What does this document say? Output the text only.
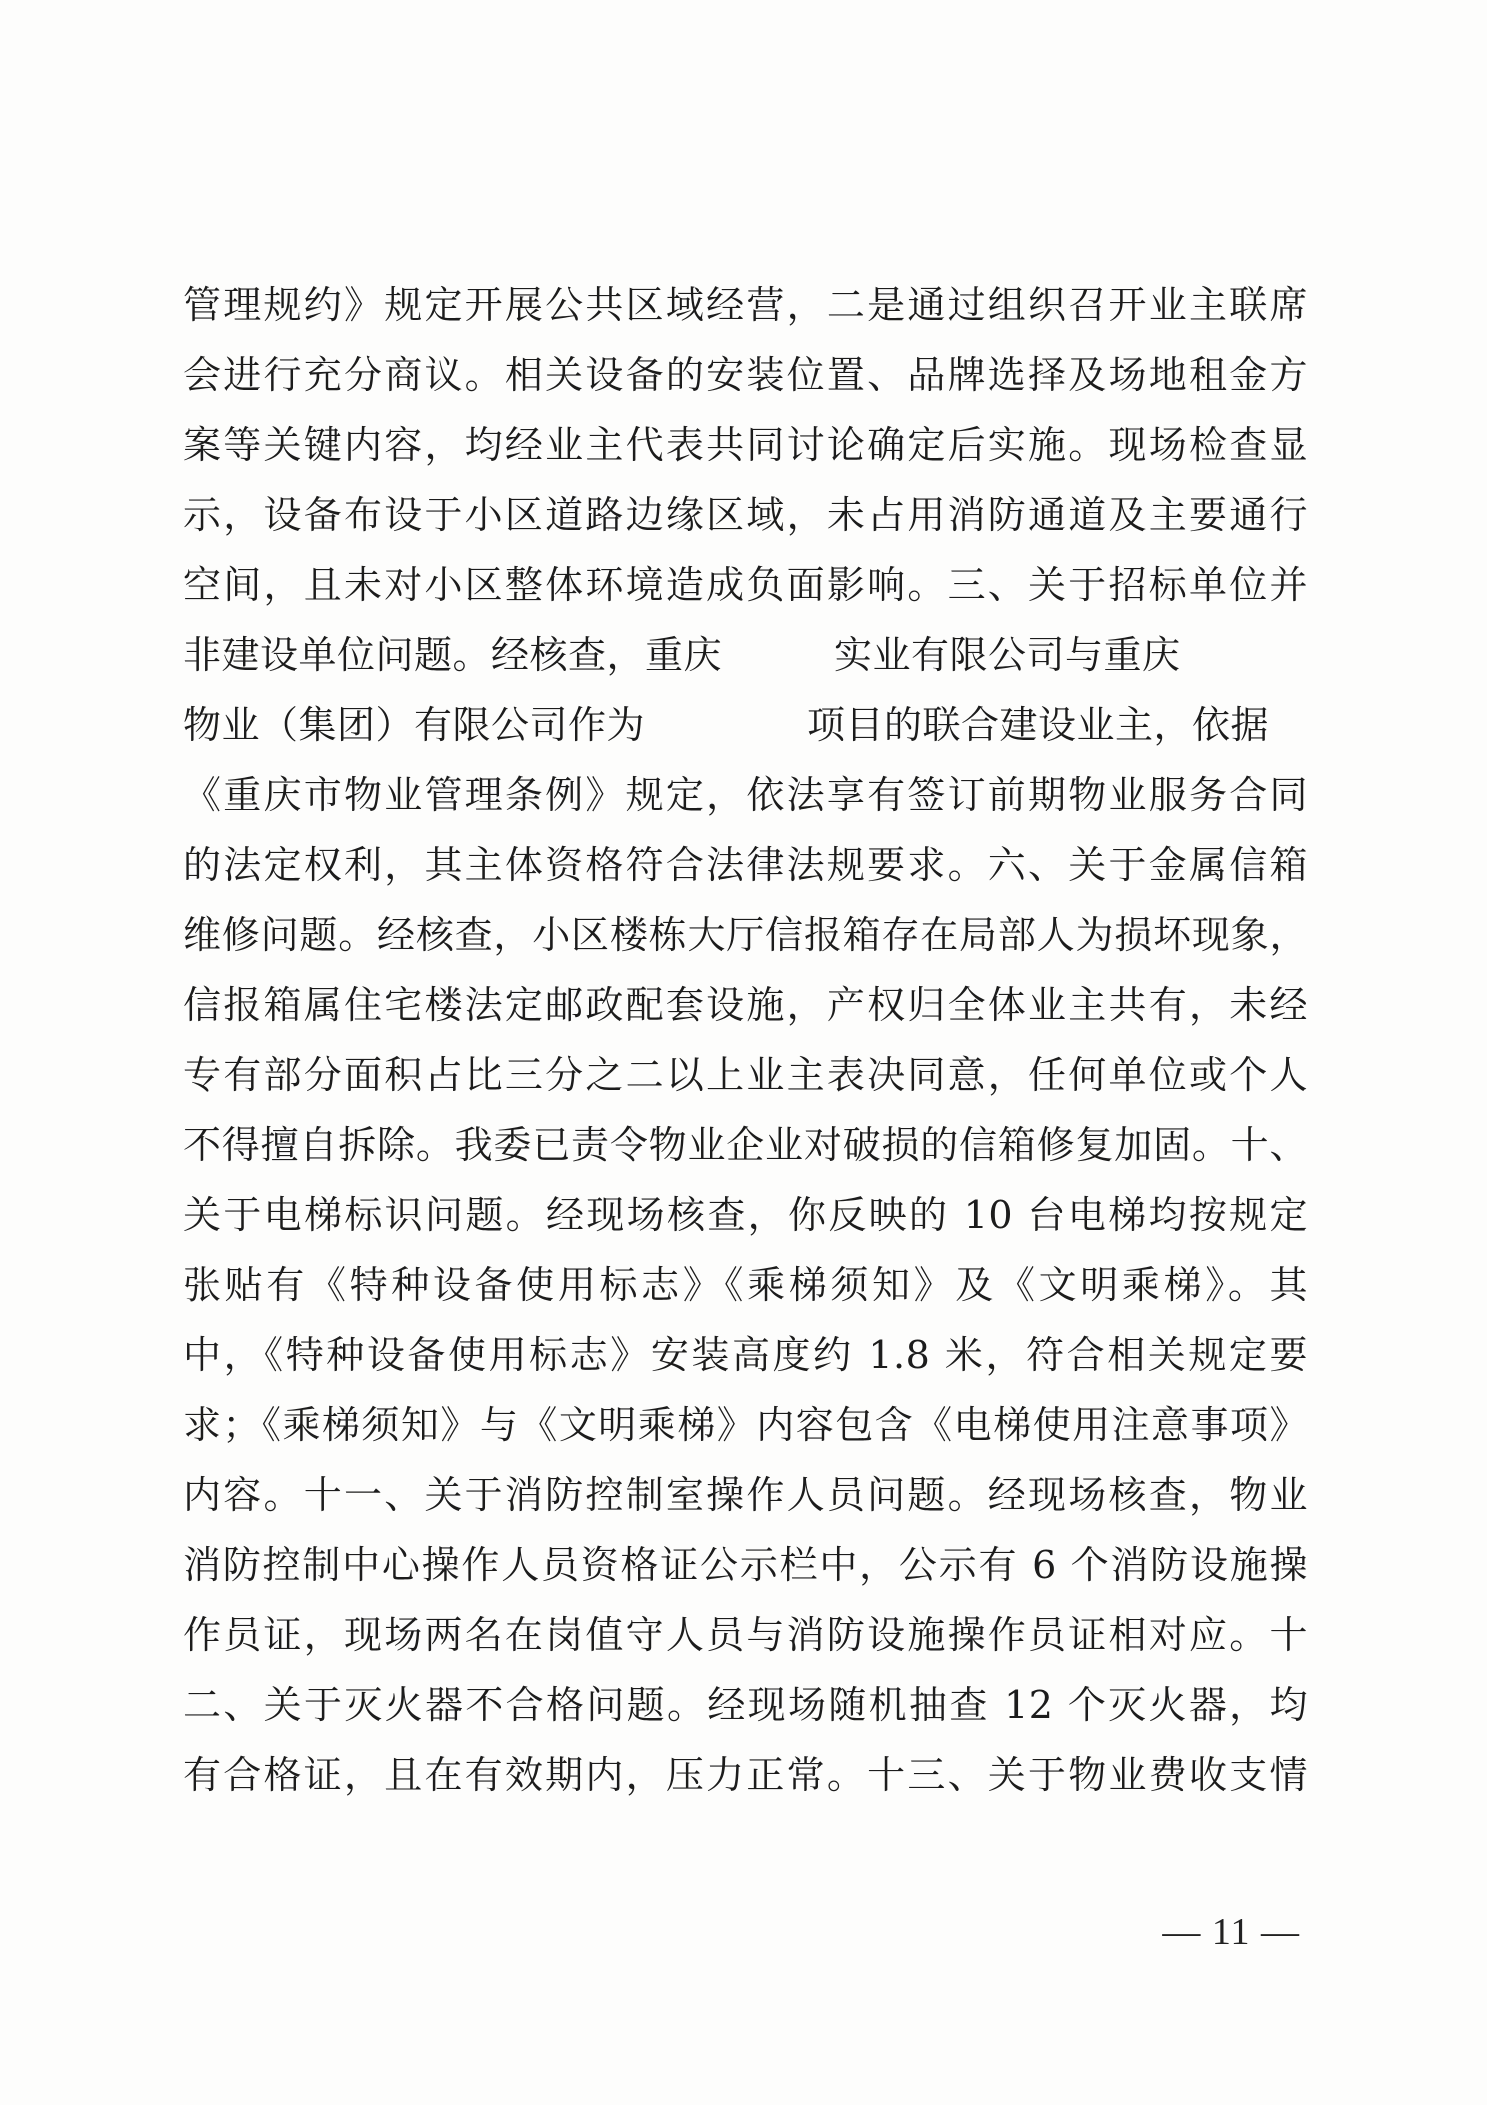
管理规约》规定开展公共区域经营，二是通过组织召开业主联席
会进行充分商议。相关设备的安装位置、品牌选择及场地租金方
案等关键内容，均经业主代表共同讨论确定后实施。现场检查显
示，设备布设于小区道路边缘区域，未占用消防通道及主要通行
空间，且未对小区整体环境造成负面影响。三、关于招标单位并
非建设单位问题。经核查，重庆	实业有限公司与重庆
物业（集团）有限公司作为	项目的联合建设业主，依据
《重庆市物业管理条例》规定，依法享有签订前期物业服务合同
的法定权利，其主体资格符合法律法规要求。六、关于金属信箱
维修问题。经核查，小区楼栋大厅信报箱存在局部人为损坏现象，
信报箱属住宅楼法定邮政配套设施，产权归全体业主共有，未经
专有部分面积占比三分之二以上业主表决同意，任何单位或个人
不得擅自拆除。我委已责令物业企业对破损的信箱修复加固。十、
关于电梯标识问题。经现场核查，你反映的 10 台电梯均按规定
张贴有《特种设备使用标志》《乘梯须知》及《文明乘梯》。其
中，《特种设备使用标志》安装高度约 1.8 米，符合相关规定要
求；《乘梯须知》与《文明乘梯》内容包含《电梯使用注意事项》
内容。十一、关于消防控制室操作人员问题。经现场核查，物业
消防控制中心操作人员资格证公示栏中，公示有 6 个消防设施操
作员证，现场两名在岗值守人员与消防设施操作员证相对应。十
二、关于灭火器不合格问题。经现场随机抽查 12 个灭火器，均
有合格证，且在有效期内，压力正常。十三、关于物业费收支情
— 11 —
